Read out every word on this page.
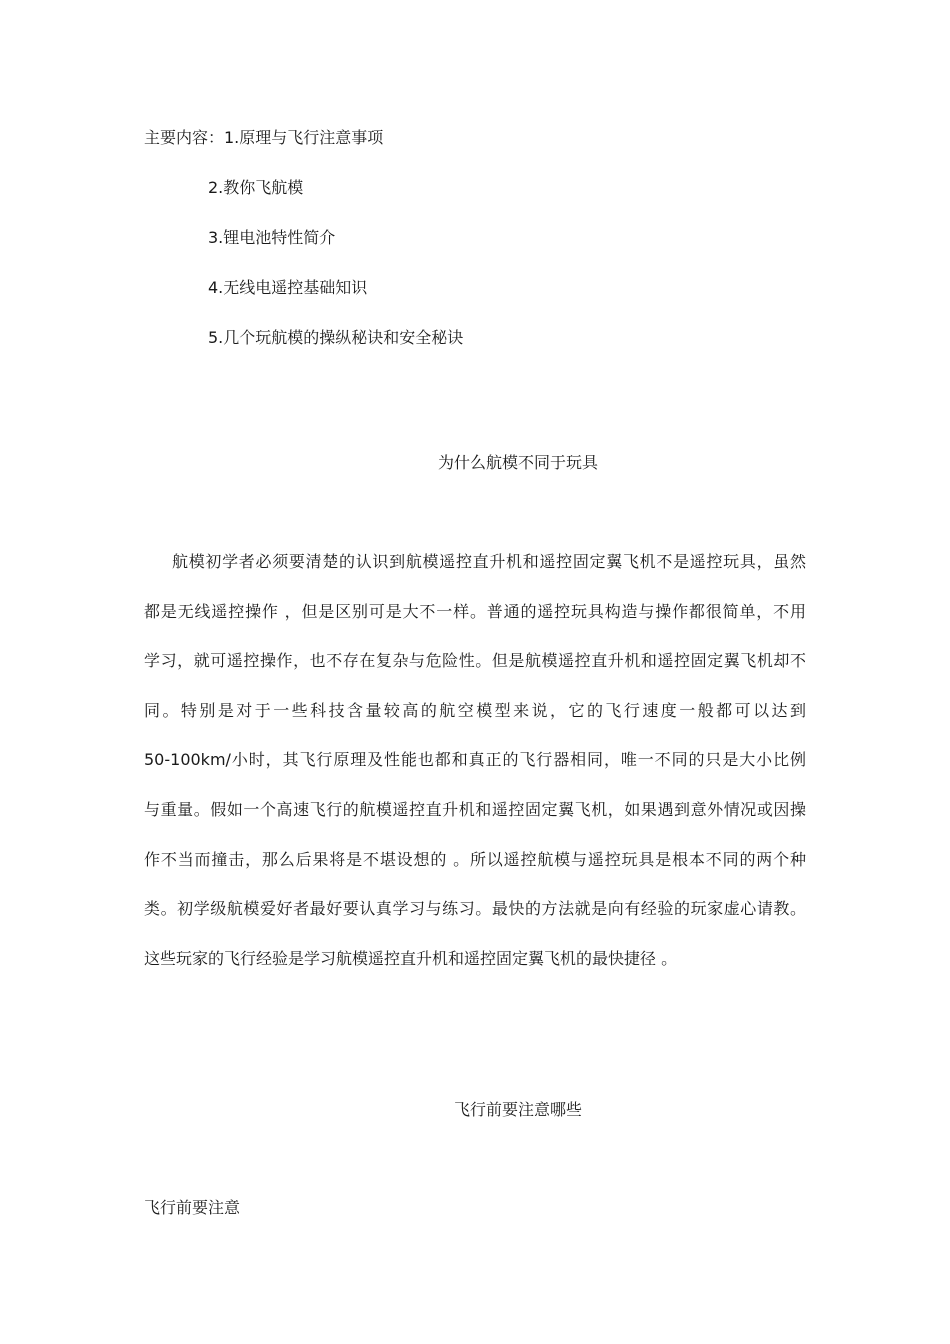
主要内容：1.原理与飞行注意事项
2.教你飞航模
3.锂电池特性简介
4.无线电遥控基础知识
5.几个玩航模的操纵秘诀和安全秘诀
为什么航模不同于玩具
航模初学者必须要清楚的认识到航模遥控直升机和遥控固定翼飞机不是遥控玩具，虽然
都是无线遥控操作 ，但是区别可是大不一样。普通的遥控玩具构造与操作都很简单，不用
学习，就可遥控操作，也不存在复杂与危险性。但是航模遥控直升机和遥控固定翼飞机却不
同。特别是对于一些科技含量较高的航空模型来说，它的飞行速度一般都可以达到
50-100km/小时，其飞行原理及性能也都和真正的飞行器相同，唯一不同的只是大小比例
与重量。假如一个高速飞行的航模遥控直升机和遥控固定翼飞机，如果遇到意外情况或因操
作不当而撞击，那么后果将是不堪设想的 。所以遥控航模与遥控玩具是根本不同的两个种
类。初学级航模爱好者最好要认真学习与练习。最快的方法就是向有经验的玩家虚心请教。
这些玩家的飞行经验是学习航模遥控直升机和遥控固定翼飞机的最快捷径 。
飞行前要注意哪些
飞行前要注意
